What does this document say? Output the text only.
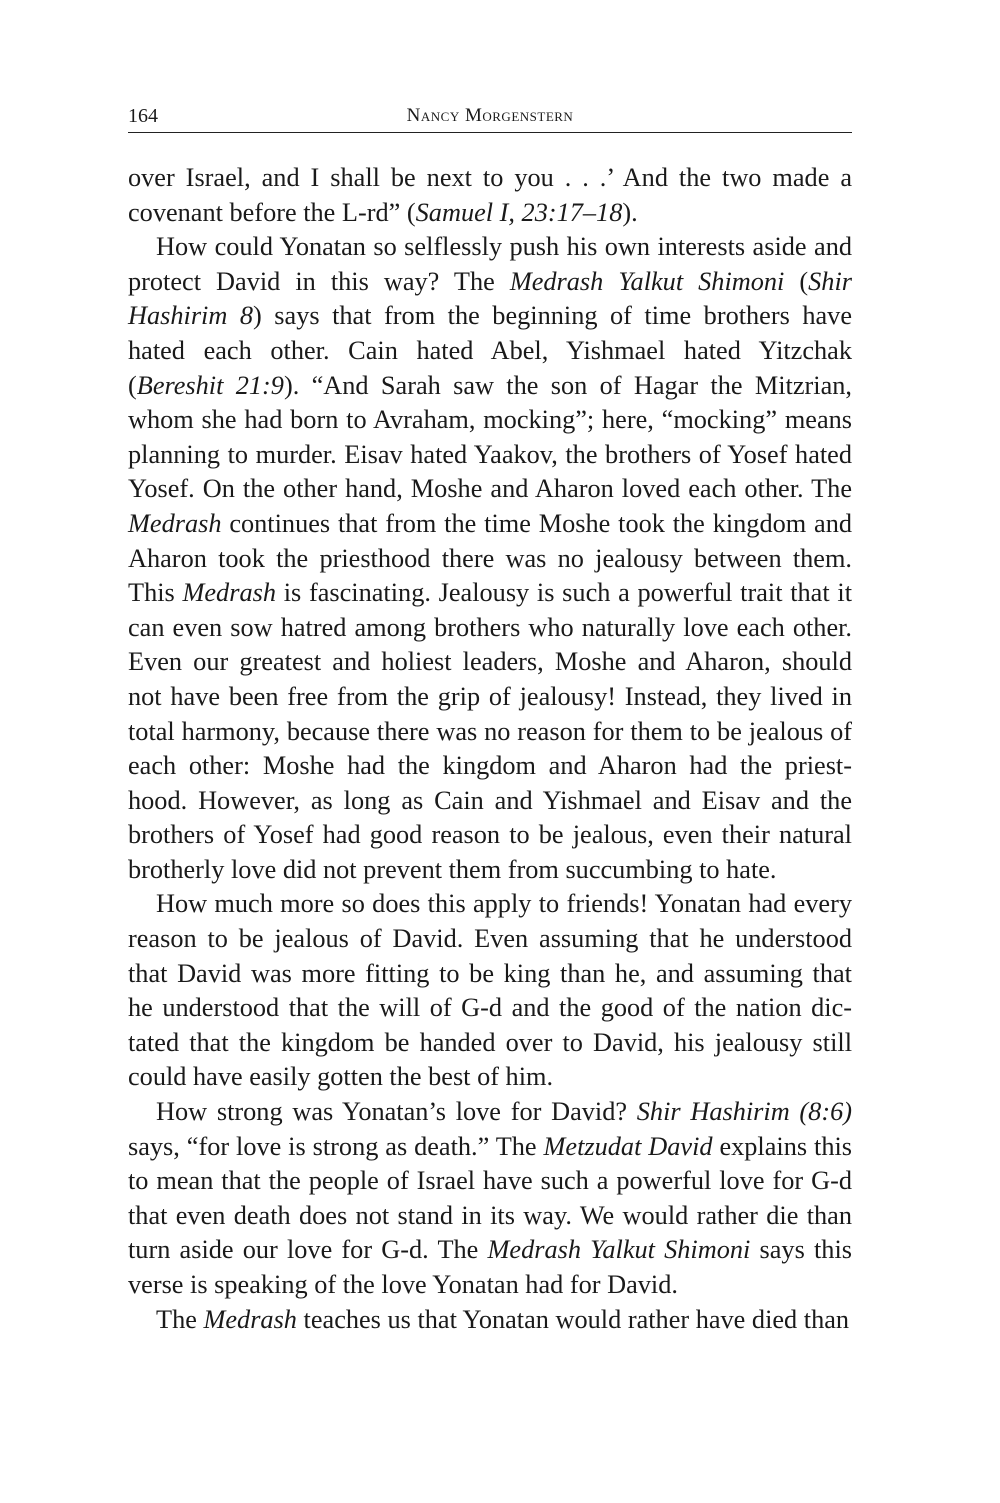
164	Nancy Morgenstern

over Israel, and I shall be next to you . . .’ And the two made a
covenant before the L-rd” (Samuel I, 23:17–18).

How could Yonatan so selflessly push his own interests aside and
protect David in this way? The Medrash Yalkut Shimoni (Shir
Hashirim 8) says that from the beginning of time brothers have
hated each other. Cain hated Abel, Yishmael hated Yitzchak
(Bereshit 21:9). “And Sarah saw the son of Hagar the Mitzrian,
whom she had born to Avraham, mocking”; here, “mocking” means
planning to murder. Eisav hated Yaakov, the brothers of Yosef hated
Yosef. On the other hand, Moshe and Aharon loved each other. The
Medrash continues that from the time Moshe took the kingdom and
Aharon took the priesthood there was no jealousy between them.
This Medrash is fascinating. Jealousy is such a powerful trait that it
can even sow hatred among brothers who naturally love each other.
Even our greatest and holiest leaders, Moshe and Aharon, should
not have been free from the grip of jealousy! Instead, they lived in
total harmony, because there was no reason for them to be jealous of
each other: Moshe had the kingdom and Aharon had the priest-
hood. However, as long as Cain and Yishmael and Eisav and the
brothers of Yosef had good reason to be jealous, even their natural
brotherly love did not prevent them from succumbing to hate.

How much more so does this apply to friends! Yonatan had every
reason to be jealous of David. Even assuming that he understood
that David was more fitting to be king than he, and assuming that
he understood that the will of G-d and the good of the nation dic-
tated that the kingdom be handed over to David, his jealousy still
could have easily gotten the best of him.

How strong was Yonatan’s love for David? Shir Hashirim (8:6)
says, “for love is strong as death.” The Metzudat David explains this
to mean that the people of Israel have such a powerful love for G-d
that even death does not stand in its way. We would rather die than
turn aside our love for G-d. The Medrash Yalkut Shimoni says this
verse is speaking of the love Yonatan had for David.

The Medrash teaches us that Yonatan would rather have died than
